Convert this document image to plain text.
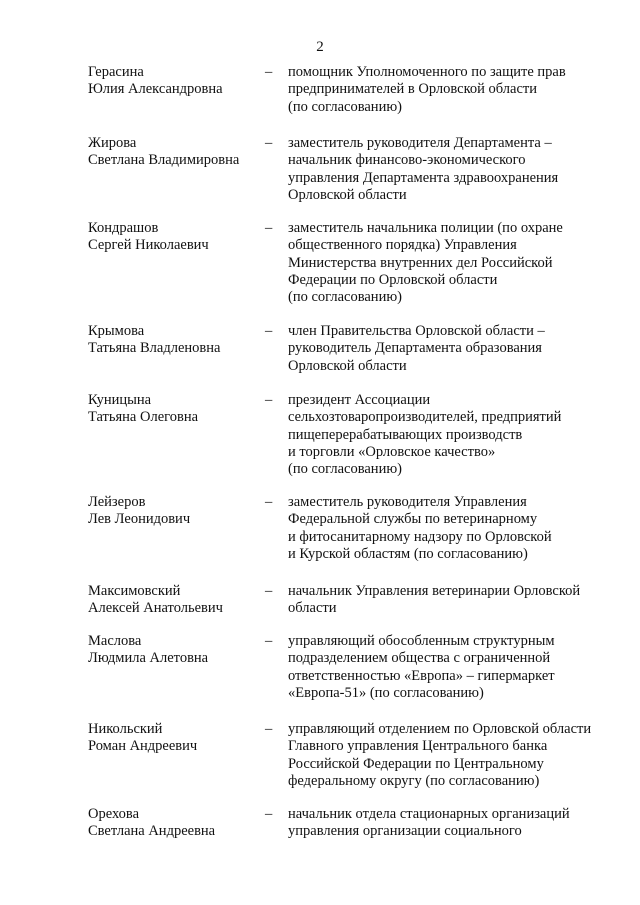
2
Герасина
Юлия Александровна
– помощник Уполномоченного по защите прав
предпринимателей в Орловской области
(по согласованию)
Жирова
Светлана Владимировна
– заместитель руководителя Департамента –
начальник финансово-экономического
управления Департамента здравоохранения
Орловской области
Кондрашов
Сергей Николаевич
– заместитель начальника полиции (по охране
общественного порядка) Управления
Министерства внутренних дел Российской
Федерации по Орловской области
(по согласованию)
Крымова
Татьяна Владленовна
– член Правительства Орловской области –
руководитель Департамента образования
Орловской области
Куницына
Татьяна Олеговна
– президент Ассоциации
сельхозтоваропроизводителей, предприятий
пищеперерабатывающих производств
и торговли «Орловское качество»
(по согласованию)
Лейзеров
Лев Леонидович
– заместитель руководителя Управления
Федеральной службы по ветеринарному
и фитосанитарному надзору по Орловской
и Курской областям (по согласованию)
Максимовский
Алексей Анатольевич
– начальник Управления ветеринарии Орловской
области
Маслова
Людмила Алетовна
– управляющий обособленным структурным
подразделением общества с ограниченной
ответственностью «Европа» – гипермаркет
«Европа-51» (по согласованию)
Никольский
Роман Андреевич
– управляющий отделением по Орловской области
Главного управления Центрального банка
Российской Федерации по Центральному
федеральному округу (по согласованию)
Орехова
Светлана Андреевна
– начальник отдела стационарных организаций
управления организации социального
